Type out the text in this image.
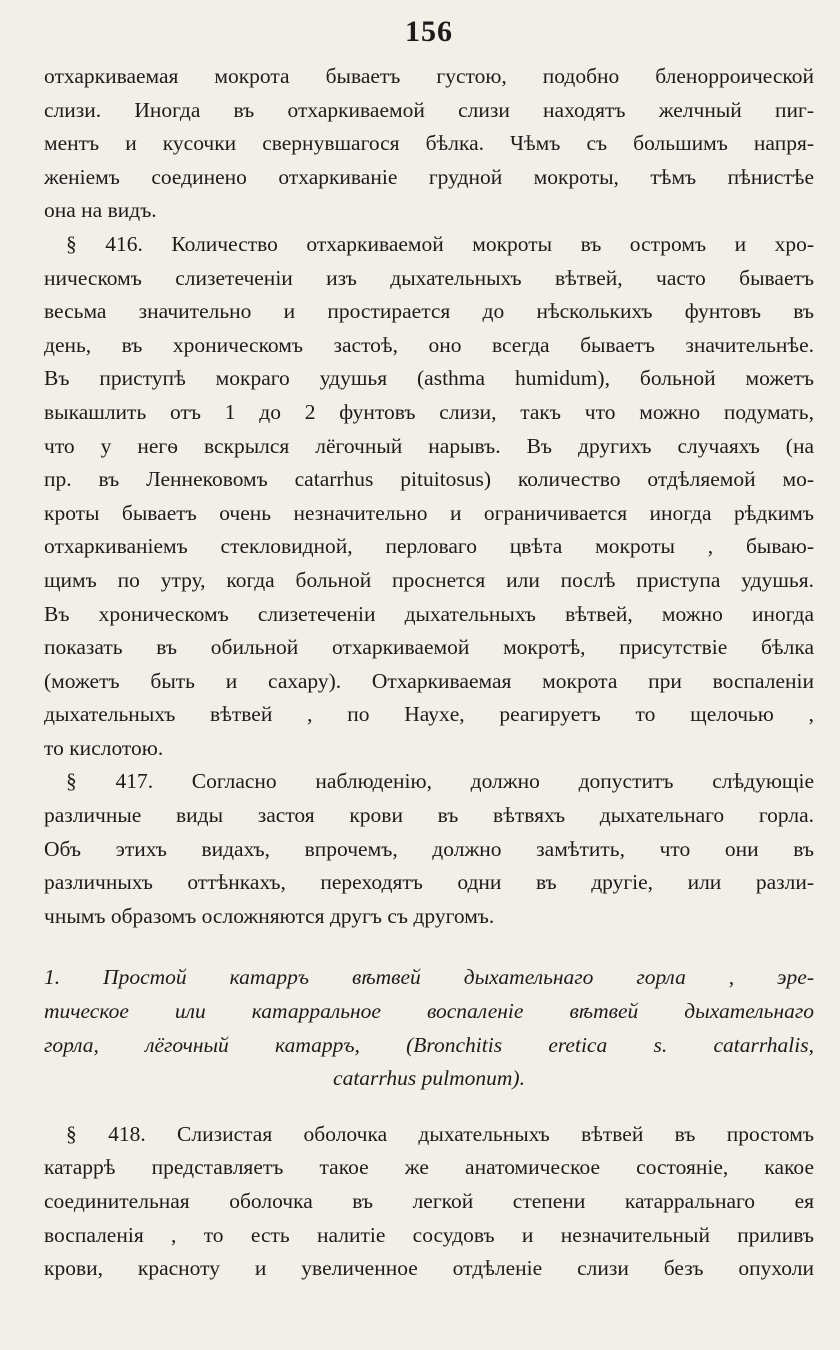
156
отхаркиваемая мокрота бываетъ густою, подобно бленорроической
слизи. Иногда въ отхаркиваемой слизи находятъ желчный пиг-
ментъ и кусочки свернувшагося бѣлка. Чѣмъ съ большимъ напря-
женіемъ соединено отхаркиваніе грудной мокроты, тѣмъ пѣнистѣе
она на видъ.
§ 416. Количество отхаркиваемой мокроты въ остромъ и хро-
ническомъ слизетеченіи изъ дыхательныхъ вѣтвей, часто бываетъ
весьма значительно и простирается до нѣсколькихъ фунтовъ въ
день, въ хроническомъ застоѣ, оно всегда бываетъ значительнѣе.
Въ приступѣ мокраго удушья (asthma humidum), больной можетъ
выкашлить отъ 1 до 2 фунтовъ слизи, такъ что можно подумать,
что у негѳ вскрылся лёгочный нарывъ. Въ другихъ случаяхъ (на
пр. въ Леннековомъ catarrhus pituitosus) количество отдѣляемой мо-
кроты бываетъ очень незначительно и ограничивается иногда рѣдкимъ
отхаркиваніемъ стекловидной, перловаго цвѣта мокроты , бываю-
щимъ по утру, когда больной проснется или послѣ приступа удушья.
Въ хроническомъ слизетеченіи дыхательныхъ вѣтвей, можно иногда
показать въ обильной отхаркиваемой мокротѣ, присутствіе бѣлка
(можетъ быть и сахару). Отхаркиваемая мокрота при воспаленіи
дыхательныхъ вѣтвей , по Науxе, реагируетъ то щелочью ,
то кислотою.
§ 417. Согласно наблюденію, должно допуститъ слѣдующіе
различные виды застоя крови въ вѣтвяхъ дыхательнаго горла.
Объ этихъ видахъ, впрочемъ, должно замѣтить, что они въ
различныхъ оттѣнкахъ, переходятъ одни въ другіе, или разли-
чнымъ образомъ осложняются другъ съ другомъ.
1. Простой катарръ вѣтвей дыхательнаго горла , эре-
тическое или катарральное воспаленіе вѣтвей дыхательнаго
горла, лёгочный катарръ, (Bronchitis eretica s. catarrhalis,
catarrhus pulmonum).
§ 418. Слизистая оболочка дыхательныхъ вѣтвей въ простомъ
катаррѣ представляетъ такое же анатомическое состояніе, какое
соединительная оболочка въ легкой степени катарральнаго ея
воспаленія , то есть налитіе сосудовъ и незначительный приливъ
крови, красноту и увеличенное отдѣленіе слизи безъ опухоли
